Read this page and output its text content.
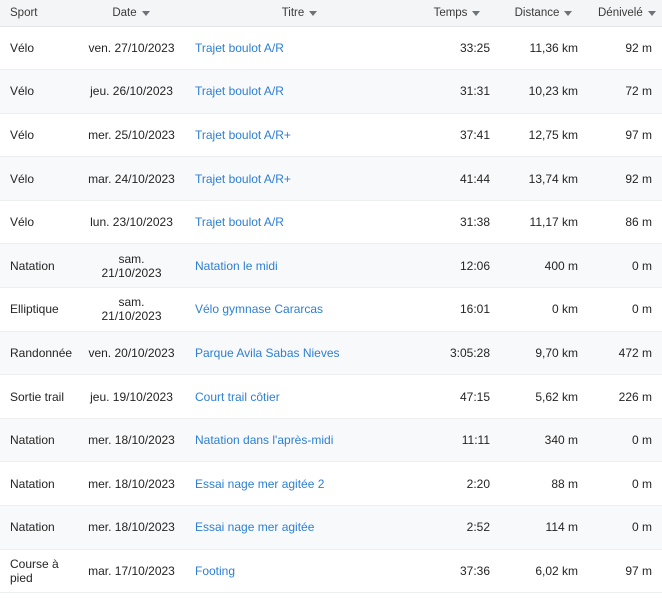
Sport	Date	Titre	Temps	Distance	Dénivelé

Vélo	ven. 27/10/2023	Trajet boulot A/R	33:25	11,36 km	92 m
Vélo	jeu. 26/10/2023	Trajet boulot A/R	31:31	10,23 km	72 m
Vélo	mer. 25/10/2023	Trajet boulot A/R+	37:41	12,75 km	97 m
Vélo	mar. 24/10/2023	Trajet boulot A/R+	41:44	13,74 km	92 m
Vélo	lun. 23/10/2023	Trajet boulot A/R	31:38	11,17 km	86 m
Natation	sam. 21/10/2023	Natation le midi	12:06	400 m	0 m
Elliptique	sam. 21/10/2023	Vélo gymnase Cararcas	16:01	0 km	0 m
Randonnée	ven. 20/10/2023	Parque Avila Sabas Nieves	3:05:28	9,70 km	472 m
Sortie trail	jeu. 19/10/2023	Court trail côtier	47:15	5,62 km	226 m
Natation	mer. 18/10/2023	Natation dans l'après-midi	11:11	340 m	0 m
Natation	mer. 18/10/2023	Essai nage mer agitée 2	2:20	88 m	0 m
Natation	mer. 18/10/2023	Essai nage mer agitée	2:52	114 m	0 m
Course à pied	mar. 17/10/2023	Footing	37:36	6,02 km	97 m
